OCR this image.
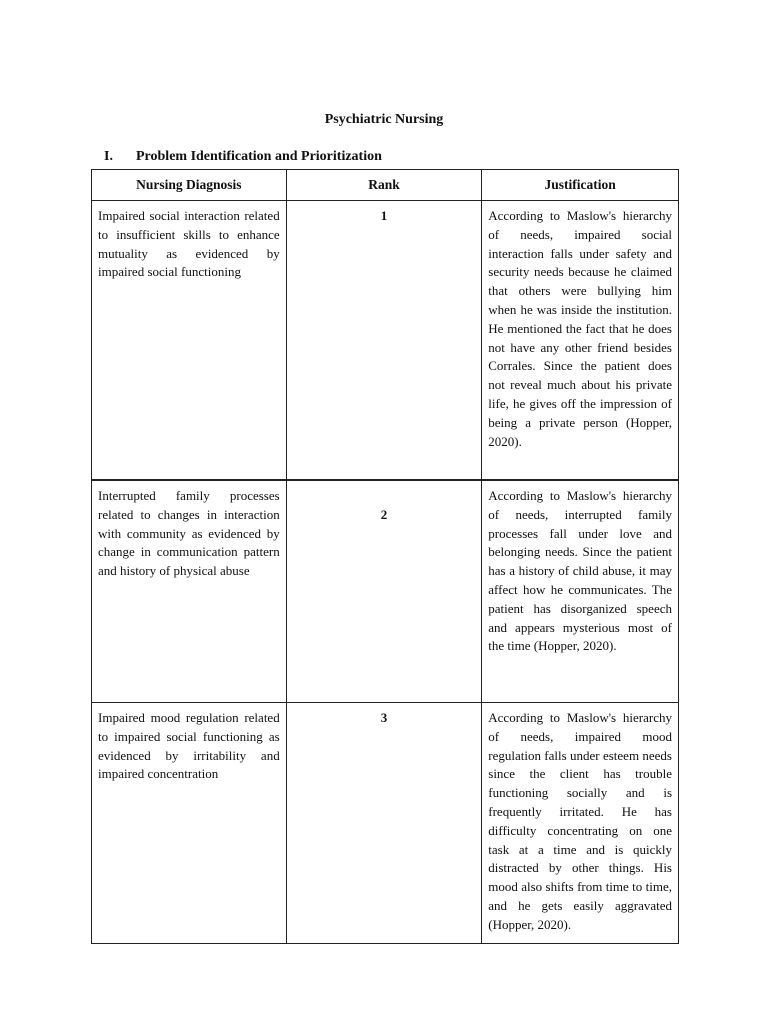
Psychiatric Nursing
I. Problem Identification and Prioritization
Nursing Diagnosis	Rank	Justification
Impaired social interaction related to insufficient skills to enhance mutuality as evidenced by impaired social functioning	1	According to Maslow's hierarchy of needs, impaired social interaction falls under safety and security needs because he claimed that others were bullying him when he was inside the institution. He mentioned the fact that he does not have any other friend besides Corrales. Since the patient does not reveal much about his private life, he gives off the impression of being a private person (Hopper, 2020).
Interrupted family processes related to changes in interaction with community as evidenced by change in communication pattern and history of physical abuse	2	According to Maslow's hierarchy of needs, interrupted family processes fall under love and belonging needs. Since the patient has a history of child abuse, it may affect how he communicates. The patient has disorganized speech and appears mysterious most of the time (Hopper, 2020).
Impaired mood regulation related to impaired social functioning as evidenced by irritability and impaired concentration	3	According to Maslow's hierarchy of needs, impaired mood regulation falls under esteem needs since the client has trouble functioning socially and is frequently irritated. He has difficulty concentrating on one task at a time and is quickly distracted by other things. His mood also shifts from time to time, and he gets easily aggravated (Hopper, 2020).
